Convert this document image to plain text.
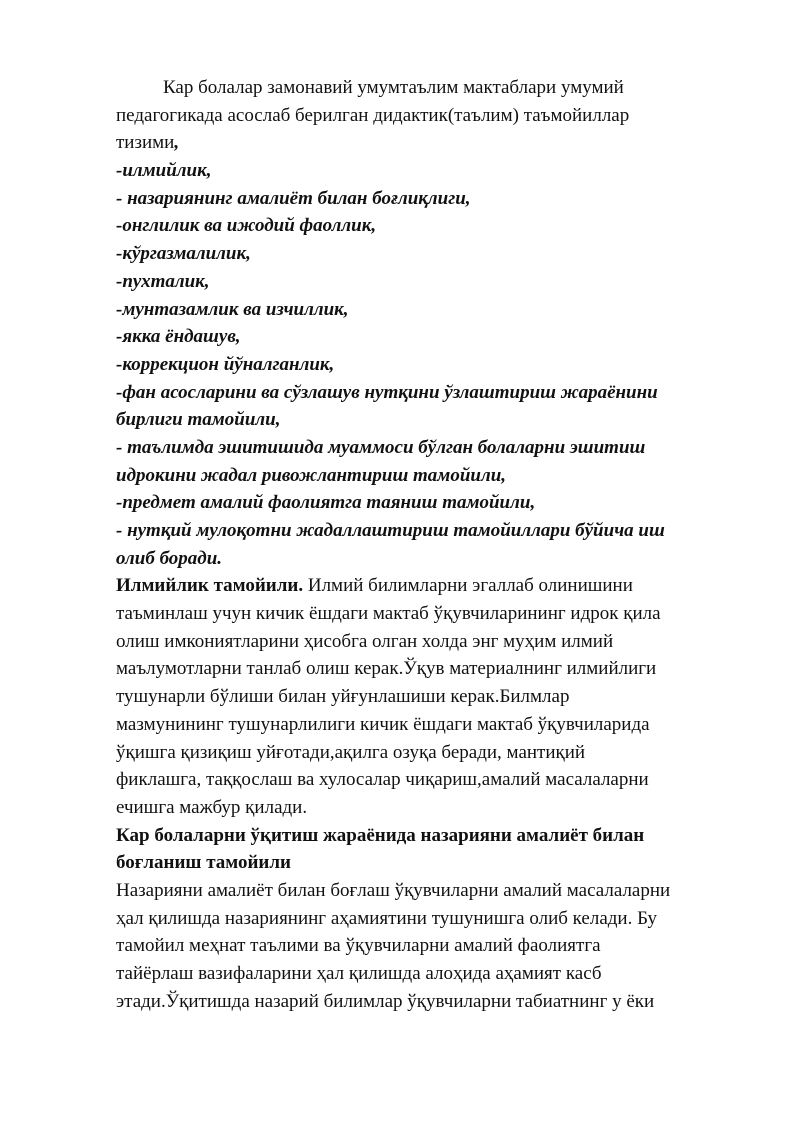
Кар болалар замонавий умумтаълим мактаблари умумий
педагогикада асослаб берилган дидактик(таълим) таъмойиллар
тизими,
-илмийлик,
- назариянинг амалиёт билан боғлиқлиги,
-онглилик ва ижодий фаоллик,
-кўргазмалилик,
-пухталик,
-мунтазамлик ва изчиллик,
-якка ёндашув,
-коррекцион йўналганлик,
-фан асосларини ва сўзлашув нутқини ўзлаштириш жараёнини
бирлиги тамойили,
- таълимда эшитишида муаммоси бўлган болаларни эшитиш
идрокини жадал ривожлантириш тамойили,
-предмет амалий фаолиятга таяниш тамойили,
- нутқий мулоқотни жадаллаштириш тамойиллари бўйича иш
олиб боради.
Илмийлик тамойили. Илмий билимларни эгаллаб олинишини
таъминлаш учун кичик ёшдаги мактаб ўқувчиларининг идрок қила
олиш имкониятларини ҳисобга олган холда энг муҳим илмий
маълумотларни танлаб олиш керак.Ўқув материалнинг илмийлиги
тушунарли бўлиши билан уйғунлашиши керак.Билмлар
мазмунининг тушунарлилиги кичик ёшдаги мактаб ўқувчиларида
ўқишга қизиқиш уйғотади,ақилга озуқа беради, мантиқий
фиклашга, таққослаш ва хулосалар чиқариш,амалий масалаларни
ечишга мажбур қилади.
Кар болаларни ўқитиш жараёнида назарияни амалиёт билан
боғланиш тамойили
Назарияни амалиёт билан боғлаш ўқувчиларни амалий масалаларни
ҳал қилишда назариянинг аҳамиятини тушунишга олиб келади. Бу
тамойил меҳнат таълими ва ўқувчиларни амалий фаолиятга
тайёрлаш вазифаларини ҳал қилишда алоҳида аҳамият касб
этади.Ўқитишда назарий билимлар ўқувчиларни табиатнинг у ёки
